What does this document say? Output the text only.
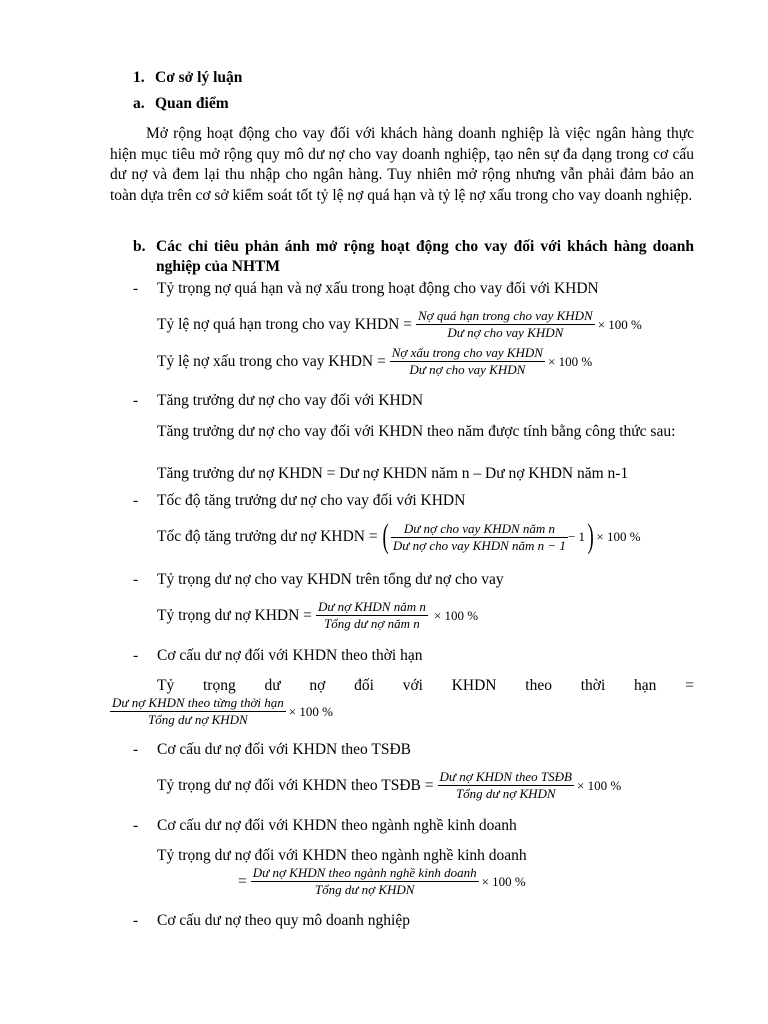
1. Cơ sở lý luận
a. Quan điểm
Mở rộng hoạt động cho vay đối với khách hàng doanh nghiệp là việc ngân hàng thực hiện mục tiêu mở rộng quy mô dư nợ cho vay doanh nghiệp, tạo nên sự đa dạng trong cơ cấu dư nợ và đem lại thu nhập cho ngân hàng. Tuy nhiên mở rộng nhưng vẫn phải đảm bảo an toàn dựa trên cơ sở kiểm soát tốt tỷ lệ nợ quá hạn và tỷ lệ nợ xấu trong cho vay doanh nghiệp.
b. Các chỉ tiêu phản ánh mở rộng hoạt động cho vay đối với khách hàng doanh nghiệp của NHTM
- Tỷ trọng nợ quá hạn và nợ xấu trong hoạt động cho vay đối với KHDN
Tỷ lệ nợ quá hạn trong cho vay KHDN = $\frac{\text{Nợ quá hạn trong cho vay KHDN}}{\text{Dư nợ cho vay KHDN}} \times 100$ %
Tỷ lệ nợ xấu trong cho vay KHDN = $\frac{\text{Nợ xấu trong cho vay KHDN}}{\text{Dư nợ cho vay KHDN}} \times 100$ %
- Tăng trưởng dư nợ cho vay đối với KHDN
Tăng trưởng dư nợ cho vay đối với KHDN theo năm được tính bằng công thức sau:
Tăng trưởng dư nợ KHDN = Dư nợ KHDN năm n – Dư nợ KHDN năm n-1
- Tốc độ tăng trưởng dư nợ cho vay đối với KHDN
Tốc độ tăng trưởng dư nợ KHDN = ( $\frac{\text{Dư nợ cho vay KHDN năm n}}{\text{Dư nợ cho vay KHDN năm n − 1}} - 1$ ) × 100 %
- Tỷ trọng dư nợ cho vay KHDN trên tổng dư nợ cho vay
Tỷ trọng dư nợ KHDN = $\frac{\text{Dư nợ KHDN năm n}}{\text{Tổng dư nợ năm n}} \times 100$ %
- Cơ cấu dư nợ đối với KHDN theo thời hạn
Tỷ trọng dư nợ đối với KHDN theo thời hạn =
$\frac{\text{Dư nợ KHDN theo từng thời hạn}}{\text{Tổng dư nợ KHDN}} \times 100$ %
- Cơ cấu dư nợ đối với KHDN theo TSĐB
Tỷ trọng dư nợ đối với KHDN theo TSĐB = $\frac{\text{Dư nợ KHDN theo TSĐB}}{\text{Tổng dư nợ KHDN}} \times 100$ %
- Cơ cấu dư nợ đối với KHDN theo ngành nghề kinh doanh
Tỷ trọng dư nợ đối với KHDN theo ngành nghề kinh doanh
= $\frac{\text{Dư nợ KHDN theo ngành nghề kinh doanh}}{\text{Tổng dư nợ KHDN}} \times 100$ %
- Cơ cấu dư nợ theo quy mô doanh nghiệp
